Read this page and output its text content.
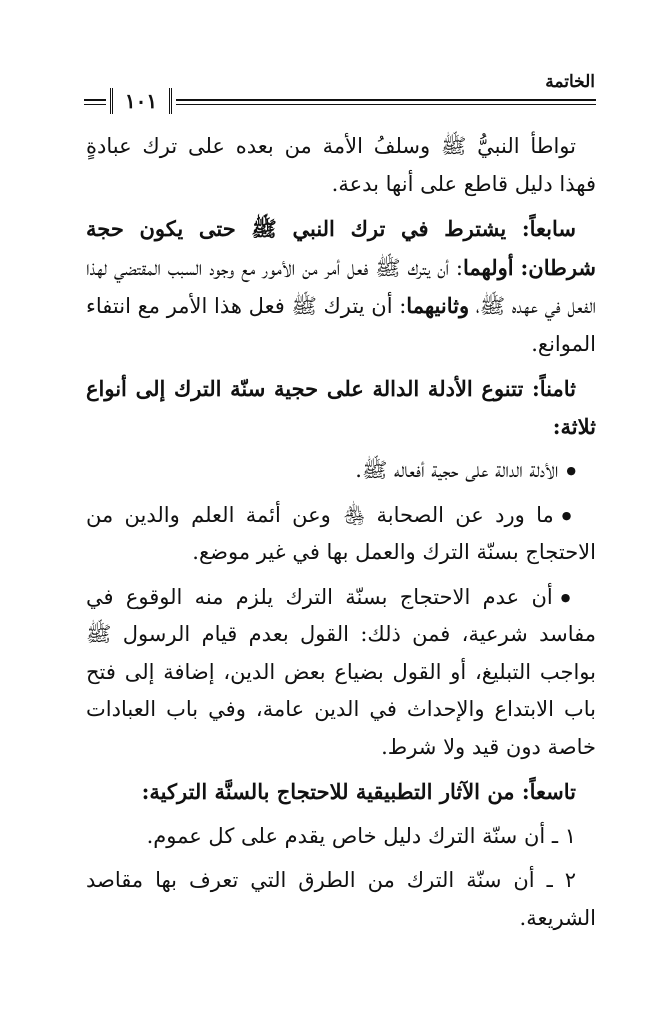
الخاتمة
١٠١

تواطأ النبيُّ ﷺ وسلفُ الأمة من بعده على ترك عبادةٍ فهذا دليل قاطع على أنها بدعة.

سابعاً: يشترط في ترك النبي ﷺ حتى يكون حجة شرطان: أولهما: أن يترك ﷺ فعل أمر من الأمور مع وجود السبب المقتضي لهذا الفعل في عهده ﷺ، وثانيهما: أن يترك ﷺ فعل هذا الأمر مع انتفاء الموانع.

ثامناً: تتنوع الأدلة الدالة على حجية سنّة الترك إلى أنواع ثلاثة:

● الأدلة الدالة على حجية أفعاله ﷺ.

● ما ورد عن الصحابة ﵃ وعن أئمة العلم والدين من الاحتجاج بسنّة الترك والعمل بها في غير موضع.

● أن عدم الاحتجاج بسنّة الترك يلزم منه الوقوع في مفاسد شرعية، فمن ذلك: القول بعدم قيام الرسول ﷺ بواجب التبليغ، أو القول بضياع بعض الدين، إضافة إلى فتح باب الابتداع والإحداث في الدين عامة، وفي باب العبادات خاصة دون قيد ولا شرط.

تاسعاً: من الآثار التطبيقية للاحتجاج بالسنَّة التركية:

١ ـ أن سنّة الترك دليل خاص يقدم على كل عموم.

٢ ـ أن سنّة الترك من الطرق التي تعرف بها مقاصد الشريعة.
